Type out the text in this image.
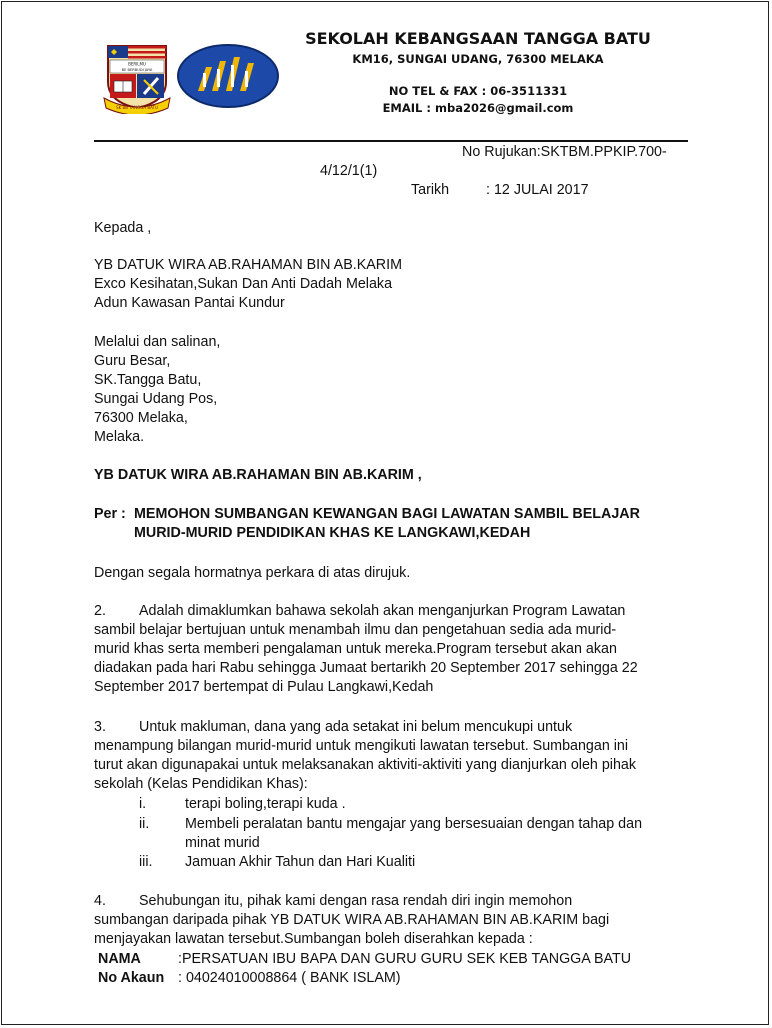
BERILMU
BE BERBUDI JAYA
SK BB TANGGA BATU
SEKOLAH KEBANGSAAN TANGGA BATU
KM16, SUNGAI UDANG, 76300 MELAKA
NO TEL & FAX : 06-3511331
EMAIL : mba2026@gmail.com
No Rujukan:SKTBM.PPKIP.700-
4/12/1(1)
Tarikh	: 12 JULAI 2017
Kepada ,
YB DATUK WIRA AB.RAHAMAN BIN AB.KARIM
Exco Kesihatan,Sukan Dan Anti Dadah Melaka
Adun Kawasan Pantai Kundur
Melalui dan salinan,
Guru Besar,
SK.Tangga Batu,
Sungai Udang Pos,
76300 Melaka,
Melaka.
YB DATUK WIRA AB.RAHAMAN BIN AB.KARIM ,
Per : MEMOHON SUMBANGAN KEWANGAN BAGI LAWATAN SAMBIL BELAJAR
MURID-MURID PENDIDIKAN KHAS KE LANGKAWI,KEDAH
Dengan segala hormatnya perkara di atas dirujuk.
2. Adalah dimaklumkan bahawa sekolah akan menganjurkan Program Lawatan
sambil belajar bertujuan untuk menambah ilmu dan pengetahuan sedia ada murid-
murid khas serta memberi pengalaman untuk mereka.Program tersebut akan akan
diadakan pada hari Rabu sehingga Jumaat bertarikh 20 September 2017 sehingga 22
September 2017 bertempat di Pulau Langkawi,Kedah
3. Untuk makluman, dana yang ada setakat ini belum mencukupi untuk
menampung bilangan murid-murid untuk mengikuti lawatan tersebut. Sumbangan ini
turut akan digunapakai untuk melaksanakan aktiviti-aktiviti yang dianjurkan oleh pihak
sekolah (Kelas Pendidikan Khas):
i.	terapi boling,terapi kuda .
ii. Membeli peralatan bantu mengajar yang bersesuaian dengan tahap dan
minat murid
iii. Jamuan Akhir Tahun dan Hari Kualiti
4. Sehubungan itu, pihak kami dengan rasa rendah diri ingin memohon
sumbangan daripada pihak YB DATUK WIRA AB.RAHAMAN BIN AB.KARIM bagi
menjayakan lawatan tersebut.Sumbangan boleh diserahkan kepada :
NAMA	:PERSATUAN IBU BAPA DAN GURU GURU SEK KEB TANGGA BATU
No Akaun : 04024010008864 ( BANK ISLAM)
